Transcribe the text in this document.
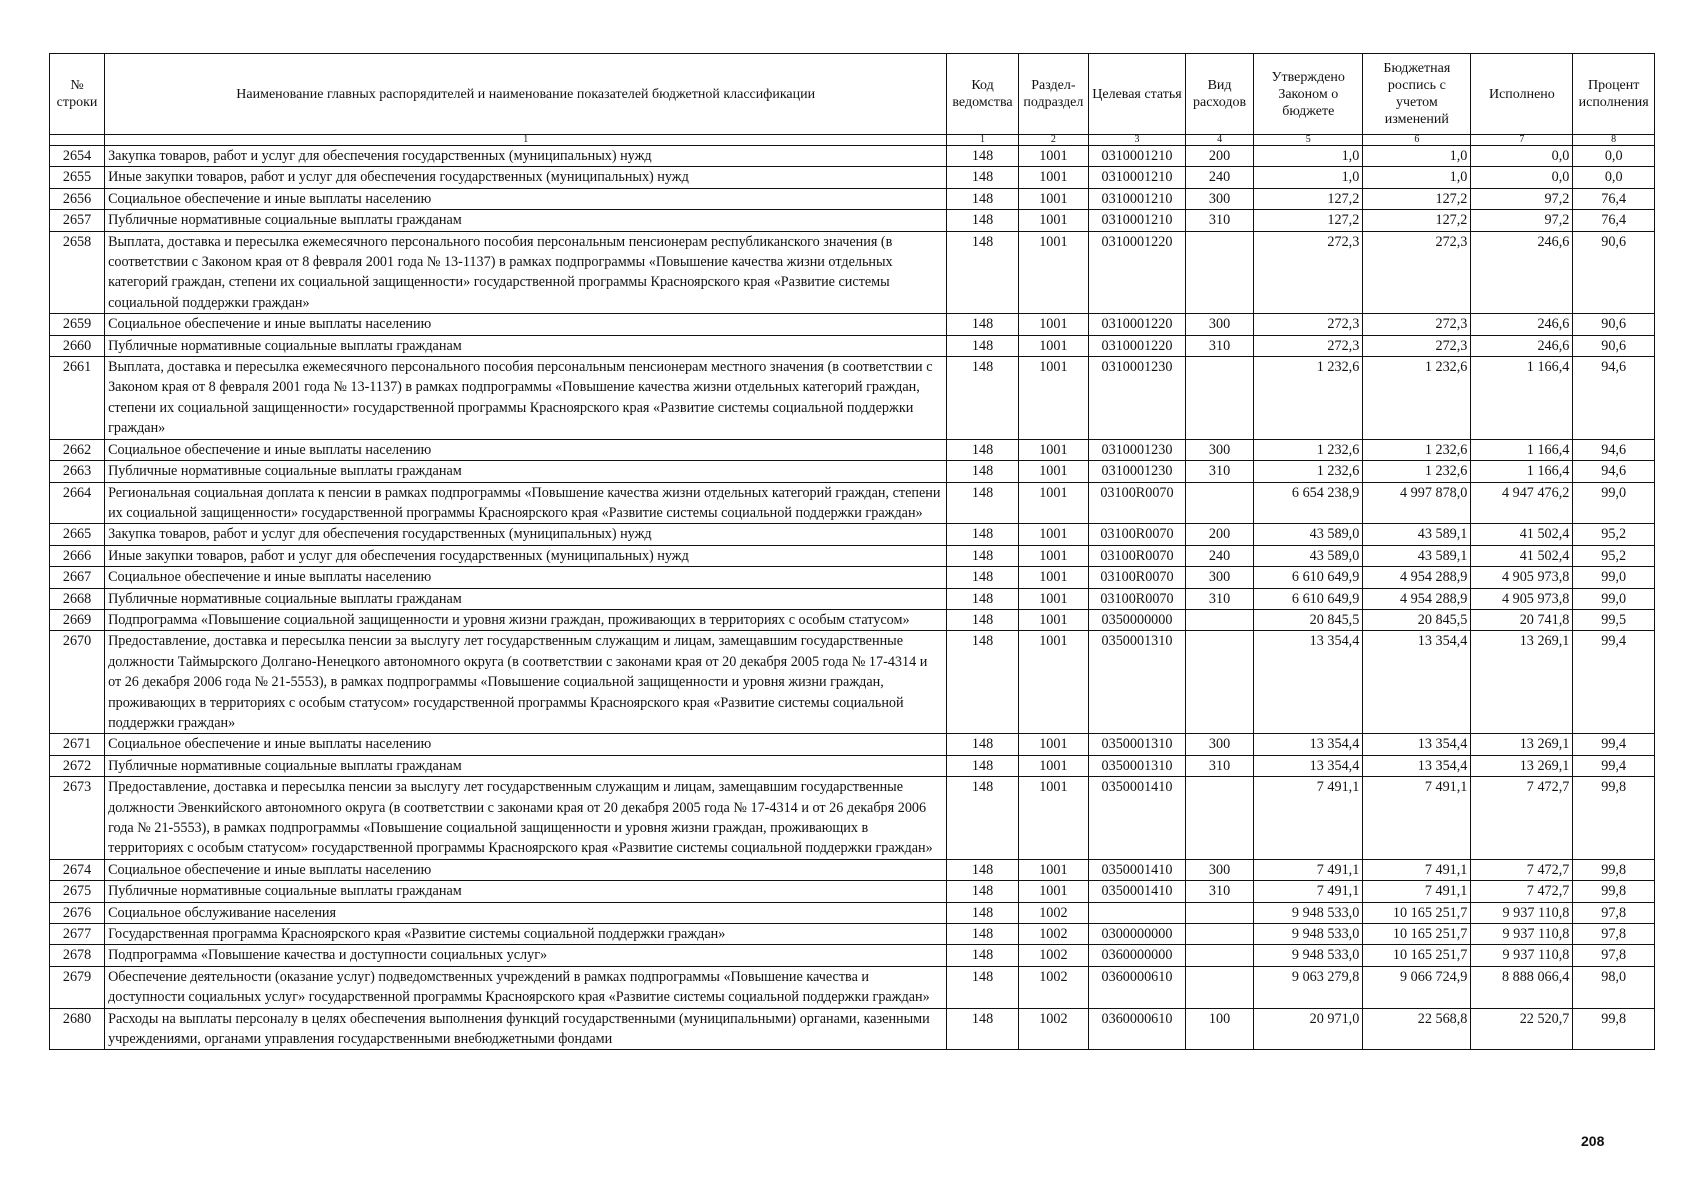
№ строки	Наименование главных распорядителей и наименование показателей бюджетной классификации	Код ведомства	Раздел-подраздел	Целевая статья	Вид расходов	Утверждено Законом о бюджете	Бюджетная роспись с учетом изменений	Исполнено	Процент исполнения
	1	1	2	3	4	5	6	7	8
2654	Закупка товаров, работ и услуг для обеспечения государственных (муниципальных) нужд	148	1001	0310001210	200	1,0	1,0	0,0	0,0
2655	Иные закупки товаров, работ и услуг для обеспечения государственных (муниципальных) нужд	148	1001	0310001210	240	1,0	1,0	0,0	0,0
2656	Социальное обеспечение и иные выплаты населению	148	1001	0310001210	300	127,2	127,2	97,2	76,4
2657	Публичные нормативные социальные выплаты гражданам	148	1001	0310001210	310	127,2	127,2	97,2	76,4
2658	Выплата, доставка и пересылка ежемесячного персонального пособия персональным пенсионерам республиканского значения (в соответствии с Законом края от 8 февраля 2001 года № 13-1137) в рамках подпрограммы «Повышение качества жизни отдельных категорий граждан, степени их социальной защищенности» государственной программы Красноярского края «Развитие системы социальной поддержки граждан»	148	1001	0310001220		272,3	272,3	246,6	90,6
2659	Социальное обеспечение и иные выплаты населению	148	1001	0310001220	300	272,3	272,3	246,6	90,6
2660	Публичные нормативные социальные выплаты гражданам	148	1001	0310001220	310	272,3	272,3	246,6	90,6
2661	Выплата, доставка и пересылка ежемесячного персонального пособия персональным пенсионерам местного значения (в соответствии с Законом края от 8 февраля 2001 года № 13-1137) в рамках подпрограммы «Повышение качества жизни отдельных категорий граждан, степени их социальной защищенности» государственной программы Красноярского края «Развитие системы социальной поддержки граждан»	148	1001	0310001230		1 232,6	1 232,6	1 166,4	94,6
2662	Социальное обеспечение и иные выплаты населению	148	1001	0310001230	300	1 232,6	1 232,6	1 166,4	94,6
2663	Публичные нормативные социальные выплаты гражданам	148	1001	0310001230	310	1 232,6	1 232,6	1 166,4	94,6
2664	Региональная социальная доплата к пенсии в рамках подпрограммы «Повышение качества жизни отдельных категорий граждан, степени их социальной защищенности» государственной программы Красноярского края «Развитие системы социальной поддержки граждан»	148	1001	03100R0070		6 654 238,9	4 997 878,0	4 947 476,2	99,0
2665	Закупка товаров, работ и услуг для обеспечения государственных (муниципальных) нужд	148	1001	03100R0070	200	43 589,0	43 589,1	41 502,4	95,2
2666	Иные закупки товаров, работ и услуг для обеспечения государственных (муниципальных) нужд	148	1001	03100R0070	240	43 589,0	43 589,1	41 502,4	95,2
2667	Социальное обеспечение и иные выплаты населению	148	1001	03100R0070	300	6 610 649,9	4 954 288,9	4 905 973,8	99,0
2668	Публичные нормативные социальные выплаты гражданам	148	1001	03100R0070	310	6 610 649,9	4 954 288,9	4 905 973,8	99,0
2669	Подпрограмма «Повышение социальной защищенности и уровня жизни граждан, проживающих в территориях с особым статусом»	148	1001	0350000000		20 845,5	20 845,5	20 741,8	99,5
2670	Предоставление, доставка и пересылка пенсии за выслугу лет государственным служащим и лицам, замещавшим государственные должности Таймырского Долгано-Ненецкого автономного округа (в соответствии с законами края от 20 декабря 2005 года № 17-4314 и от 26 декабря 2006 года № 21-5553), в рамках подпрограммы «Повышение социальной защищенности и уровня жизни граждан, проживающих в территориях с особым статусом» государственной программы Красноярского края «Развитие системы социальной поддержки граждан»	148	1001	0350001310		13 354,4	13 354,4	13 269,1	99,4
2671	Социальное обеспечение и иные выплаты населению	148	1001	0350001310	300	13 354,4	13 354,4	13 269,1	99,4
2672	Публичные нормативные социальные выплаты гражданам	148	1001	0350001310	310	13 354,4	13 354,4	13 269,1	99,4
2673	Предоставление, доставка и пересылка пенсии за выслугу лет государственным служащим и лицам, замещавшим государственные должности Эвенкийского автономного округа (в соответствии с законами края от 20 декабря 2005 года № 17-4314 и от 26 декабря 2006 года № 21-5553), в рамках подпрограммы «Повышение социальной защищенности и уровня жизни граждан, проживающих в территориях с особым статусом» государственной программы Красноярского края «Развитие системы социальной поддержки граждан»	148	1001	0350001410		7 491,1	7 491,1	7 472,7	99,8
2674	Социальное обеспечение и иные выплаты населению	148	1001	0350001410	300	7 491,1	7 491,1	7 472,7	99,8
2675	Публичные нормативные социальные выплаты гражданам	148	1001	0350001410	310	7 491,1	7 491,1	7 472,7	99,8
2676	Социальное обслуживание населения	148	1002			9 948 533,0	10 165 251,7	9 937 110,8	97,8
2677	Государственная программа Красноярского края «Развитие системы социальной поддержки граждан»	148	1002	0300000000		9 948 533,0	10 165 251,7	9 937 110,8	97,8
2678	Подпрограмма «Повышение качества и доступности социальных услуг»	148	1002	0360000000		9 948 533,0	10 165 251,7	9 937 110,8	97,8
2679	Обеспечение деятельности (оказание услуг) подведомственных учреждений в рамках подпрограммы «Повышение качества и доступности социальных услуг» государственной программы Красноярского края «Развитие системы социальной поддержки граждан»	148	1002	0360000610		9 063 279,8	9 066 724,9	8 888 066,4	98,0
2680	Расходы на выплаты персоналу в целях обеспечения выполнения функций государственными (муниципальными) органами, казенными учреждениями, органами управления государственными внебюджетными фондами	148	1002	0360000610	100	20 971,0	22 568,8	22 520,7	99,8
208
